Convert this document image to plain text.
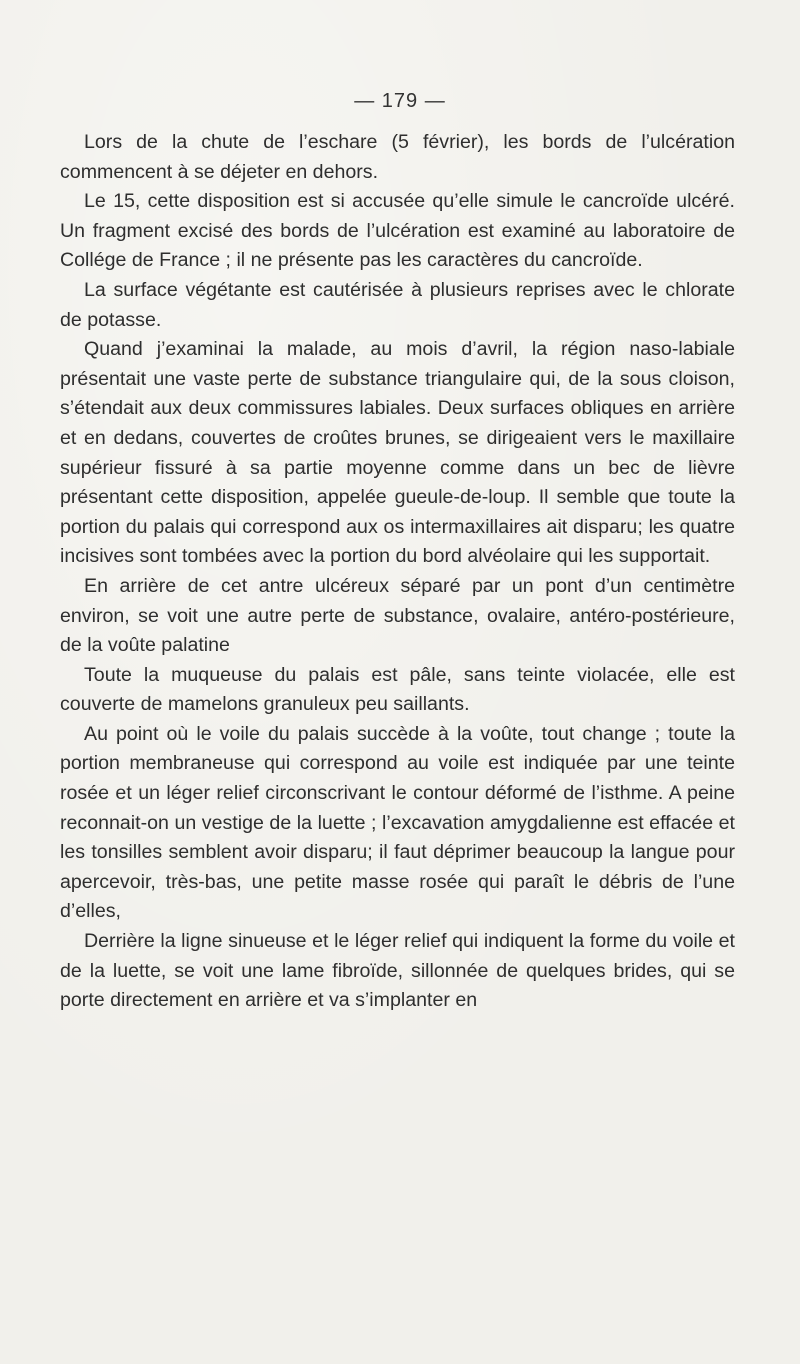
— 179 —

Lors de la chute de l’eschare (5 février), les bords de l’ulcération commencent à se déjeter en dehors.

Le 15, cette disposition est si accusée qu’elle simule le cancroïde ulcéré. Un fragment excisé des bords de l’ulcération est examiné au laboratoire de Collége de France ; il ne présente pas les caractères du cancroïde.

La surface végétante est cautérisée à plusieurs reprises avec le chlorate de potasse.

Quand j’examinai la malade, au mois d’avril, la région naso-labiale présentait une vaste perte de substance triangulaire qui, de la sous cloison, s’étendait aux deux commissures labiales. Deux surfaces obliques en arrière et en dedans, couvertes de croûtes brunes, se dirigeaient vers le maxillaire supérieur fissuré à sa partie moyenne comme dans un bec de lièvre présentant cette disposition, appelée gueule-de-loup. Il semble que toute la portion du palais qui correspond aux os intermaxillaires ait disparu; les quatre incisives sont tombées avec la portion du bord alvéolaire qui les supportait.

En arrière de cet antre ulcéreux séparé par un pont d’un centimètre environ, se voit une autre perte de substance, ovalaire, antéro-postérieure, de la voûte palatine

Toute la muqueuse du palais est pâle, sans teinte violacée, elle est couverte de mamelons granuleux peu saillants.

Au point où le voile du palais succède à la voûte, tout change ; toute la portion membraneuse qui correspond au voile est indiquée par une teinte rosée et un léger relief circonscrivant le contour déformé de l’isthme. A peine reconnait-on un vestige de la luette ; l’excavation amygdalienne est effacée et les tonsilles semblent avoir disparu; il faut déprimer beaucoup la langue pour apercevoir, très-bas, une petite masse rosée qui paraît le débris de l’une d’elles,

Derrière la ligne sinueuse et le léger relief qui indiquent la forme du voile et de la luette, se voit une lame fibroïde, sillonnée de quelques brides, qui se porte directement en arrière et va s’implanter en
